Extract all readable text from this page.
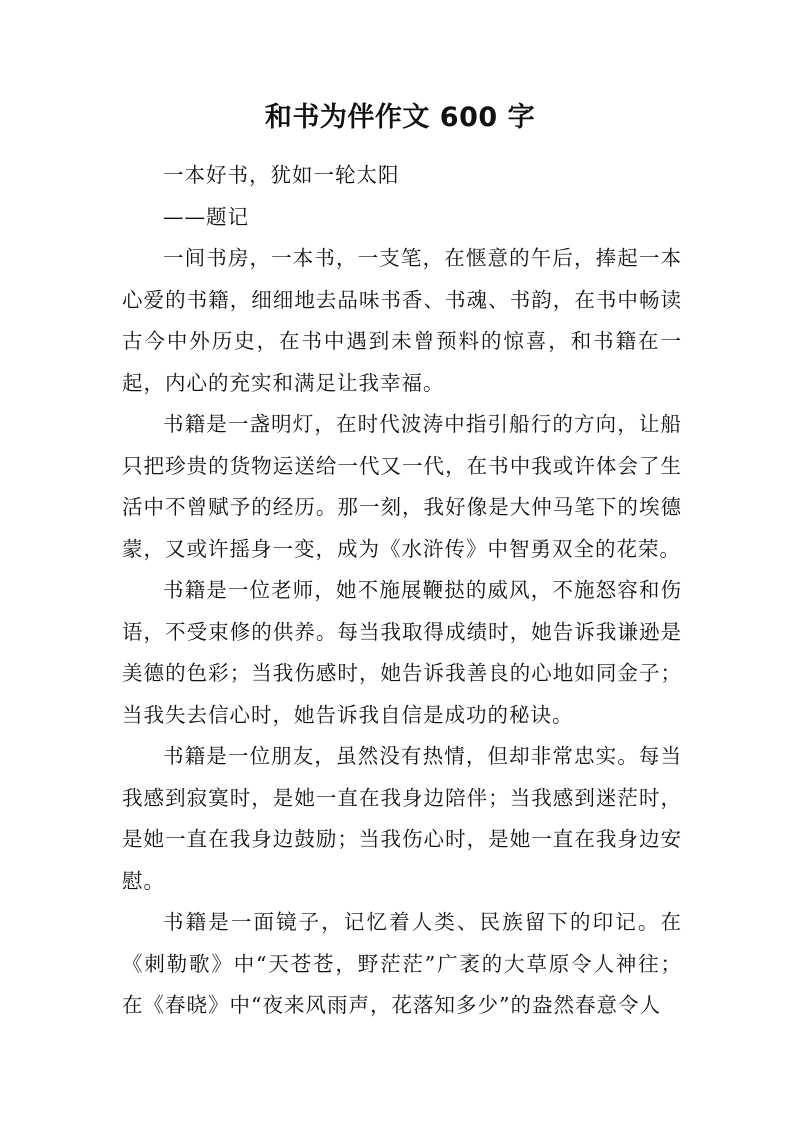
和书为伴作文 600 字

一本好书，犹如一轮太阳

——题记

一间书房，一本书，一支笔，在惬意的午后，捧起一本心爱的书籍，细细地去品味书香、书魂、书韵，在书中畅读古今中外历史，在书中遇到未曾预料的惊喜，和书籍在一起，内心的充实和满足让我幸福。

书籍是一盏明灯，在时代波涛中指引船行的方向，让船只把珍贵的货物运送给一代又一代，在书中我或许体会了生活中不曾赋予的经历。那一刻，我好像是大仲马笔下的埃德蒙，又或许摇身一变，成为《水浒传》中智勇双全的花荣。

书籍是一位老师，她不施展鞭挞的威风，不施怒容和伤语，不受束修的供养。每当我取得成绩时，她告诉我谦逊是美德的色彩；当我伤感时，她告诉我善良的心地如同金子；当我失去信心时，她告诉我自信是成功的秘诀。

书籍是一位朋友，虽然没有热情，但却非常忠实。每当我感到寂寞时，是她一直在我身边陪伴；当我感到迷茫时，是她一直在我身边鼓励；当我伤心时，是她一直在我身边安慰。

书籍是一面镜子，记忆着人类、民族留下的印记。在《刺勒歌》中“天苍苍，野茫茫”广袤的大草原令人神往；在《春晓》中“夜来风雨声，花落知多少”的盎然春意令人
